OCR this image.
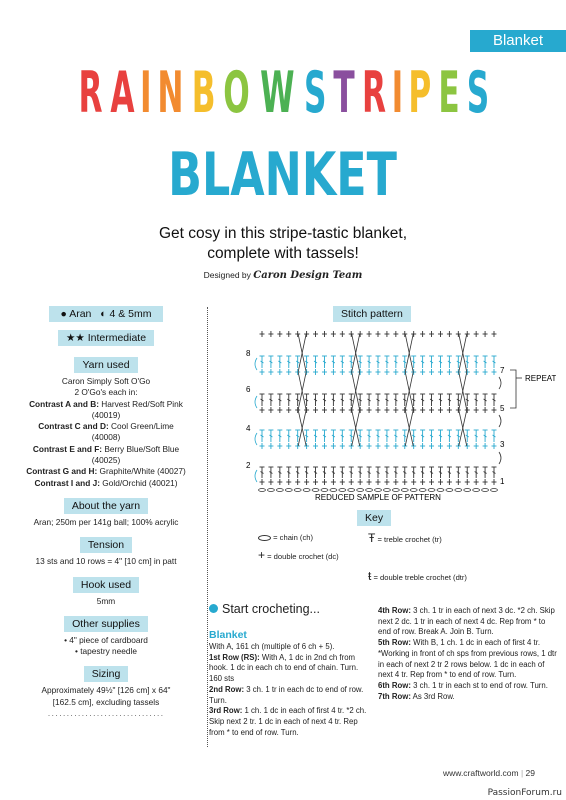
Blanket
R A I N B O W S T R I P E S
BLANKET
Get cosy in this stripe-tastic blanket,
complete with tassels!
Designed by Caron Design Team
● Aran ◐ 4 & 5mm
★★ Intermediate
Yarn used
Caron Simply Soft O'Go
2 O'Go's each in:
Contrast A and B: Harvest Red/Soft Pink
(40019)
Contrast C and D: Cool Green/Lime
(40008)
Contrast E and F: Berry Blue/Soft Blue
(40025)
Contrast G and H: Graphite/White (40027)
Contrast I and J: Gold/Orchid (40021)
About the yarn
Aran; 250m per 141g ball; 100% acrylic
Tension
13 sts and 10 rows = 4" [10 cm] in patt
Hook used
5mm
Other supplies
• 4" piece of cardboard
• tapestry needle
Sizing
Approximately 49½" [126 cm] x 64"
[162.5 cm], excluding tassels
·······························
Stitch pattern
8
6
4
2
7
5
3
1
REPEAT
REDUCED SAMPLE OF PATTERN
Key
= chain (ch)
+ = double crochet (dc)
Ŧ = treble crochet (tr)
ŧ = double treble crochet (dtr)
Start crocheting...
Blanket
With A, 161 ch (multiple of 6 ch + 5).
1st Row (RS): With A, 1 dc in 2nd ch from hook. 1 dc in each ch to end of chain. Turn. 160 sts
2nd Row: 3 ch. 1 tr in each dc to end of row. Turn.
3rd Row: 1 ch. 1 dc in each of first 4 tr. *2 ch. Skip next 2 tr. 1 dc in each of next 4 tr. Rep from * to end of row. Turn.
4th Row: 3 ch. 1 tr in each of next 3 dc. *2 ch. Skip next 2 dc. 1 tr in each of next 4 dc. Rep from * to end of row. Break A. Join B. Turn.
5th Row: With B, 1 ch. 1 dc in each of first 4 tr. *Working in front of ch sps from previous rows, 1 dtr in each of next 2 tr 2 rows below. 1 dc in each of next 4 tr. Rep from * to end of row. Turn.
6th Row: 3 ch. 1 tr in each st to end of row. Turn.
7th Row: As 3rd Row.
www.craftworld.com | 29
PassionForum.ru
